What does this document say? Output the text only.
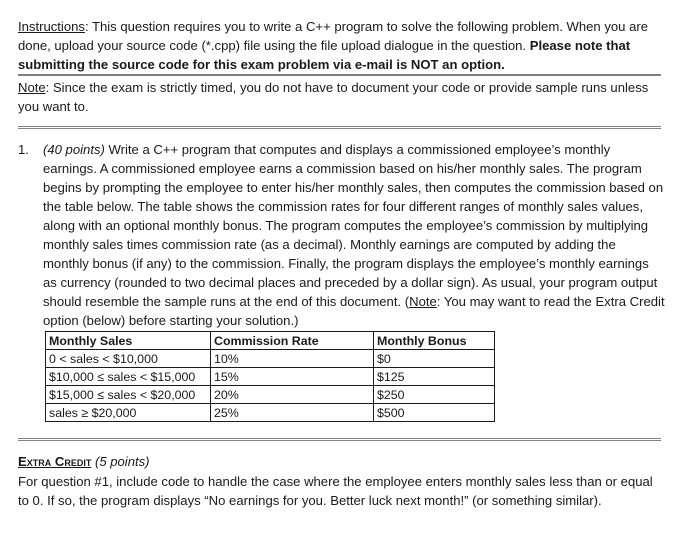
Instructions: This question requires you to write a C++ program to solve the following problem. When you are done, upload your source code (*.cpp) file using the file upload dialogue in the question. Please note that submitting the source code for this exam problem via e-mail is NOT an option.

Note: Since the exam is strictly timed, you do not have to document your code or provide sample runs unless you want to.

1. (40 points) Write a C++ program that computes and displays a commissioned employee’s monthly earnings. A commissioned employee earns a commission based on his/her monthly sales. The program begins by prompting the employee to enter his/her monthly sales, then computes the commission based on the table below. The table shows the commission rates for four different ranges of monthly sales values, along with an optional monthly bonus. The program computes the employee’s commission by multiplying monthly sales times commission rate (as a decimal). Monthly earnings are computed by adding the monthly bonus (if any) to the commission. Finally, the program displays the employee’s monthly earnings as currency (rounded to two decimal places and preceded by a dollar sign). As usual, your program output should resemble the sample runs at the end of this document. (Note: You may want to read the Extra Credit option (below) before starting your solution.)

Monthly Sales	Commission Rate	Monthly Bonus
0 < sales < $10,000	10%	$0
$10,000 ≤ sales < $15,000	15%	$125
$15,000 ≤ sales < $20,000	20%	$250
sales ≥ $20,000	25%	$500

Extra Credit (5 points)

For question #1, include code to handle the case where the employee enters monthly sales less than or equal to 0. If so, the program displays “No earnings for you. Better luck next month!” (or something similar).
